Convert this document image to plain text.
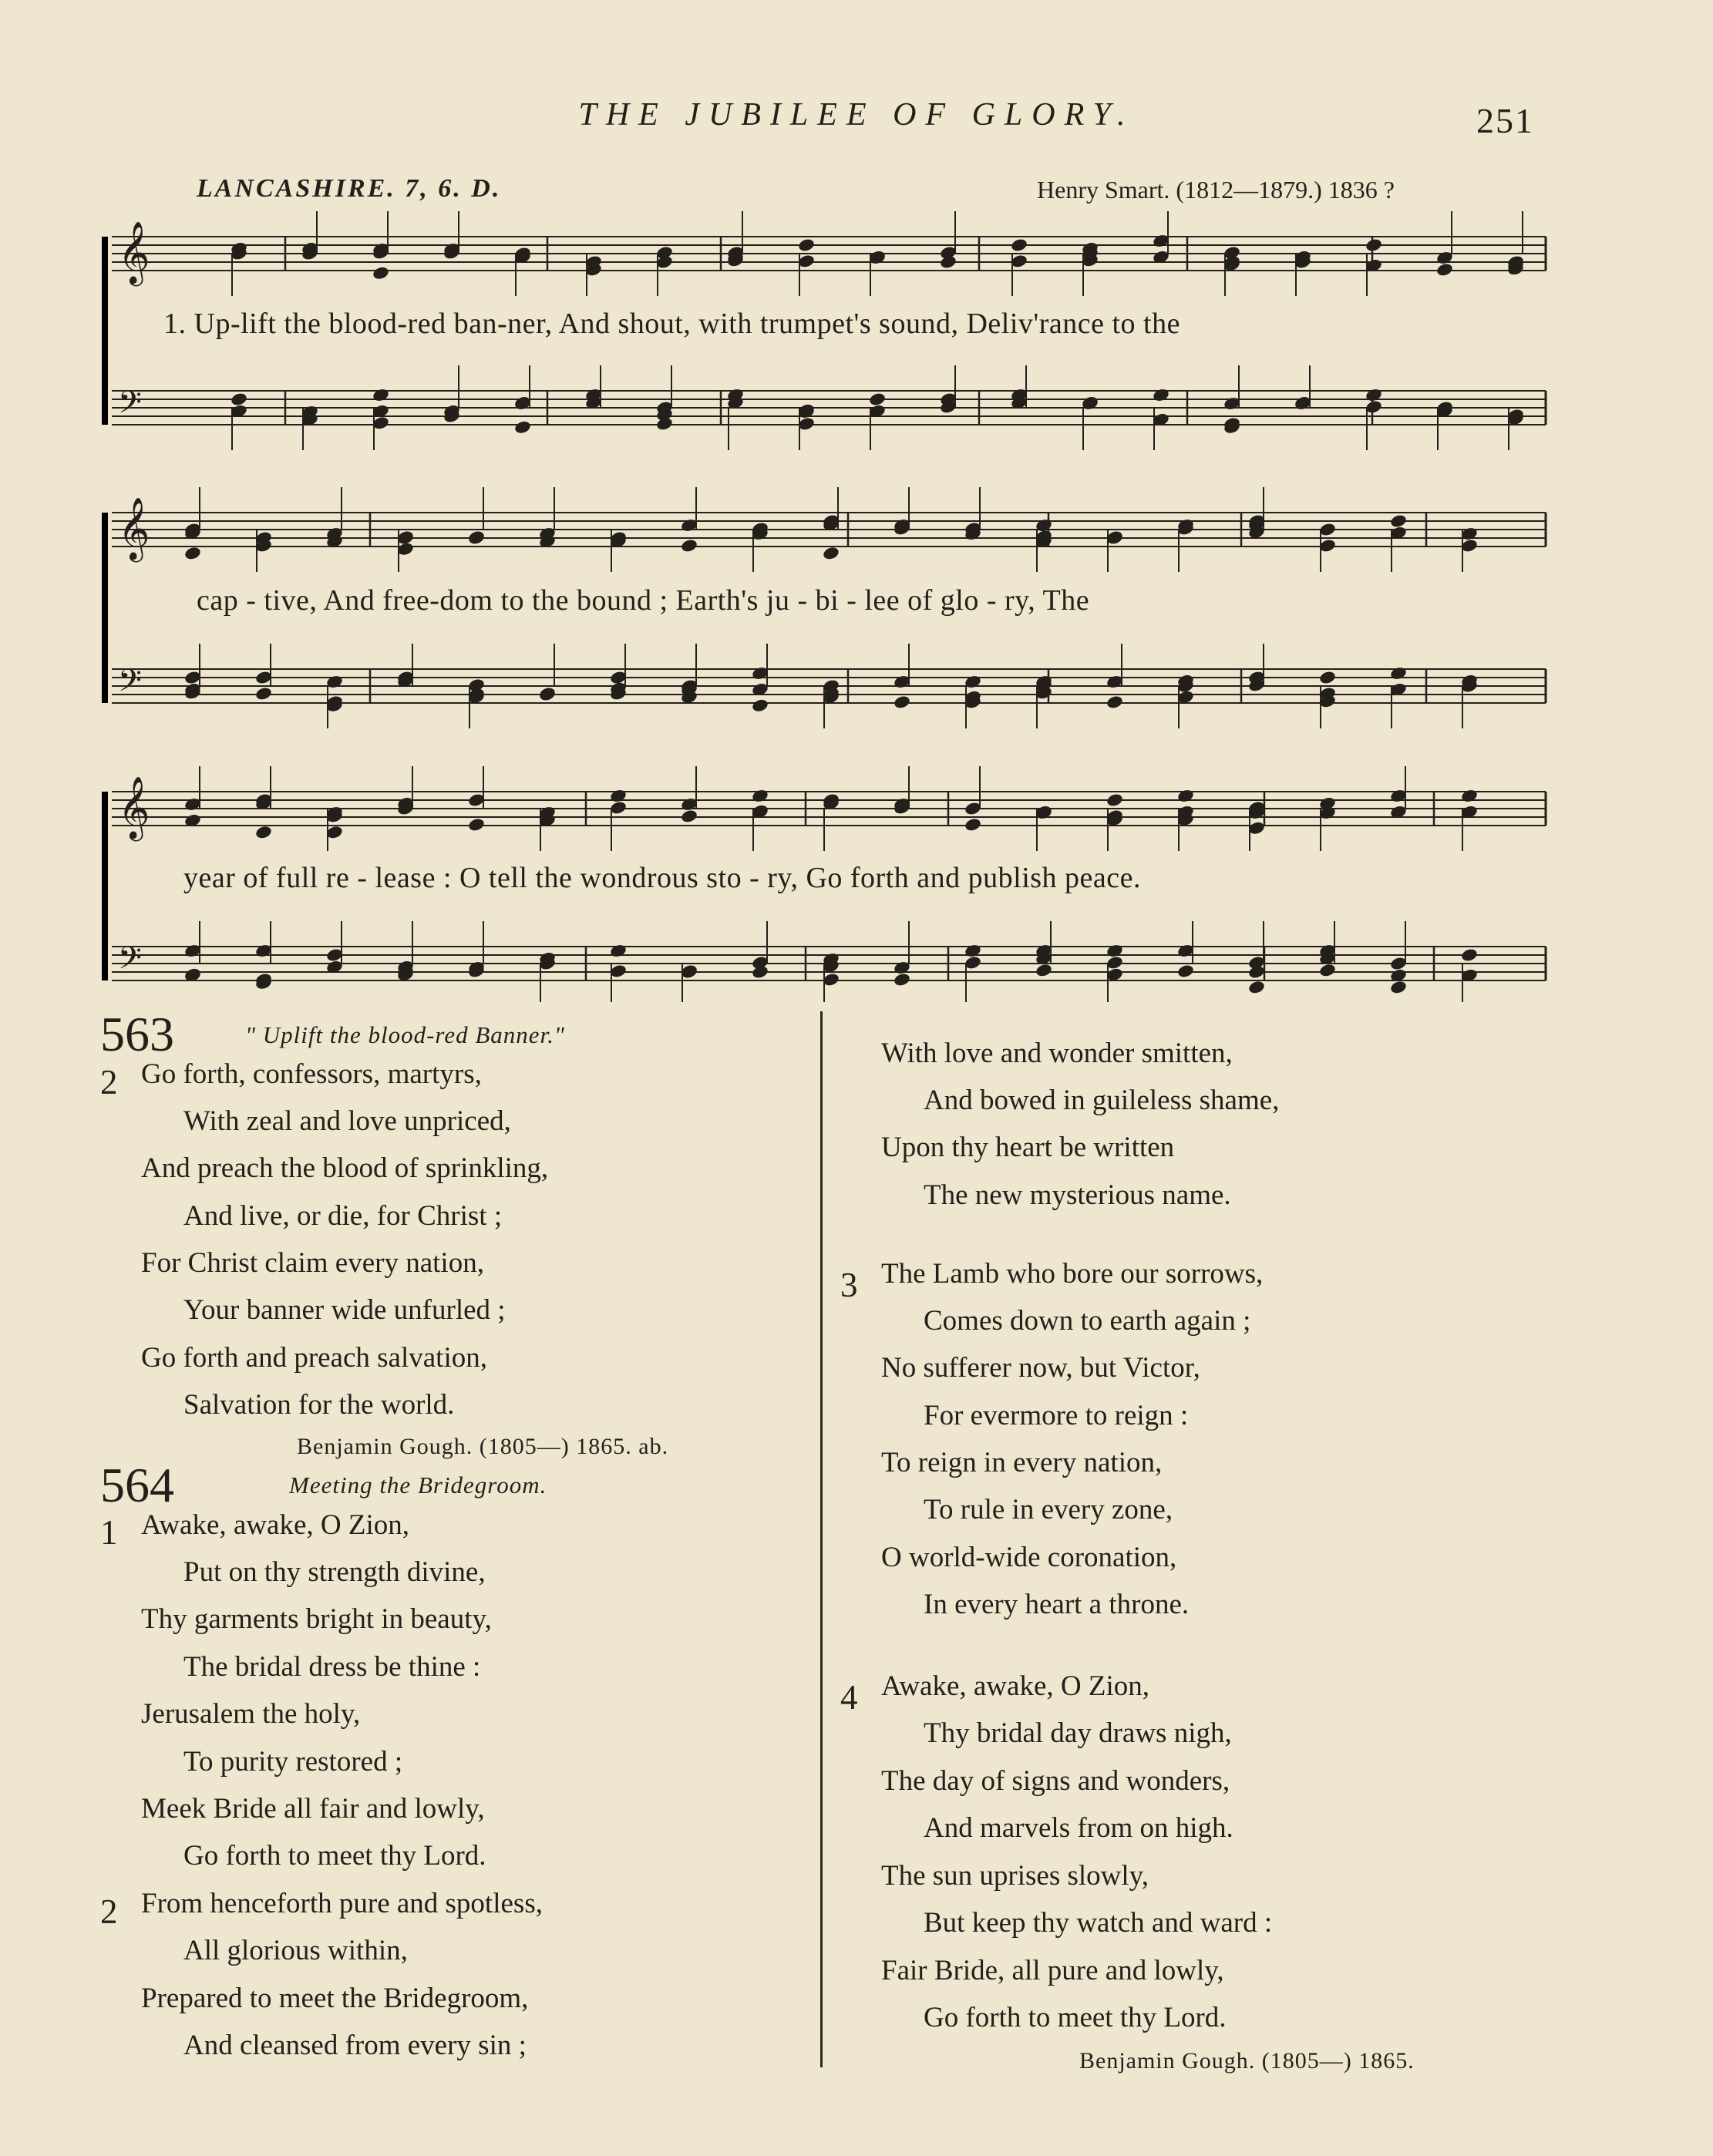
THE JUBILEE OF GLORY.	251
LANCASHIRE. 7, 6. D.	Henry Smart. (1812—1879.) 1836 ?
𝄞
𝄢
𝄞
𝄢
𝄞
𝄢
1. Up-lift the blood-red ban-ner, And shout, with trumpet's sound, Deliv'rance to the
cap - tive, And free-dom to the bound ; Earth's ju - bi - lee of glo - ry, The
year of full re - lease : O tell the wondrous sto - ry, Go forth and publish peace.
563	" Uplift the blood-red Banner."
2 Go forth, confessors, martyrs,
With zeal and love unpriced,
And preach the blood of sprinkling,
And live, or die, for Christ ;
For Christ claim every nation,
Your banner wide unfurled ;
Go forth and preach salvation,
Salvation for the world.
Benjamin Gough. (1805—) 1865. ab.
564	Meeting the Bridegroom.
1 Awake, awake, O Zion,
Put on thy strength divine,
Thy garments bright in beauty,
The bridal dress be thine :
Jerusalem the holy,
To purity restored ;
Meek Bride all fair and lowly,
Go forth to meet thy Lord.
2 From henceforth pure and spotless,
All glorious within,
Prepared to meet the Bridegroom,
And cleansed from every sin ;
With love and wonder smitten,
And bowed in guileless shame,
Upon thy heart be written
The new mysterious name.
3 The Lamb who bore our sorrows,
Comes down to earth again ;
No sufferer now, but Victor,
For evermore to reign :
To reign in every nation,
To rule in every zone,
O world-wide coronation,
In every heart a throne.
4 Awake, awake, O Zion,
Thy bridal day draws nigh,
The day of signs and wonders,
And marvels from on high.
The sun uprises slowly,
But keep thy watch and ward :
Fair Bride, all pure and lowly,
Go forth to meet thy Lord.
Benjamin Gough. (1805—) 1865.
